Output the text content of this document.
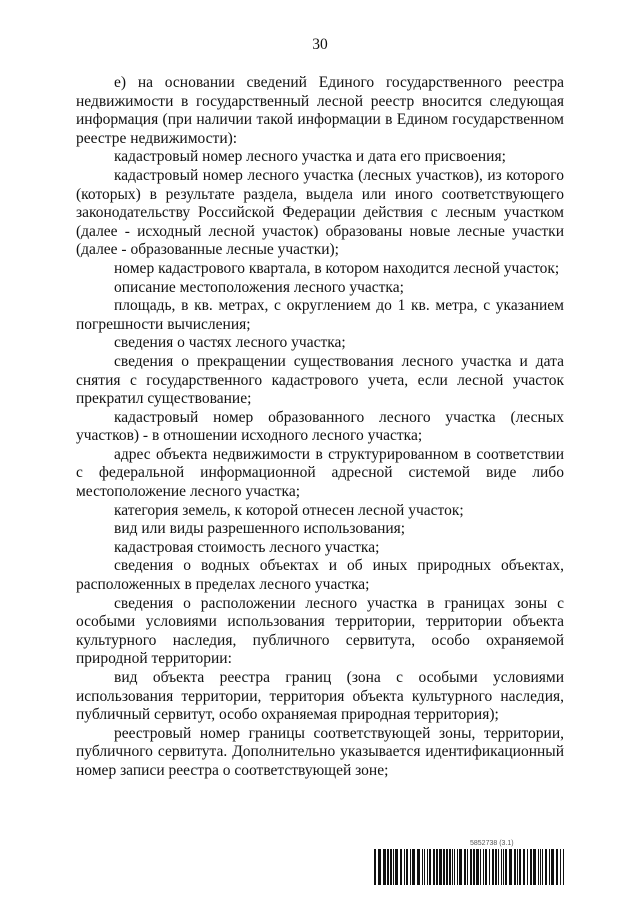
30

е) на основании сведений Единого государственного реестра недвижимости в государственный лесной реестр вносится следующая информация (при наличии такой информации в Едином государственном реестре недвижимости):

кадастровый номер лесного участка и дата его присвоения;

кадастровый номер лесного участка (лесных участков), из которого (которых) в результате раздела, выдела или иного соответствующего законодательству Российской Федерации действия с лесным участком (далее - исходный лесной участок) образованы новые лесные участки (далее - образованные лесные участки);

номер кадастрового квартала, в котором находится лесной участок;

описание местоположения лесного участка;

площадь, в кв. метрах, с округлением до 1 кв. метра, с указанием погрешности вычисления;

сведения о частях лесного участка;

сведения о прекращении существования лесного участка и дата снятия с государственного кадастрового учета, если лесной участок прекратил существование;

кадастровый номер образованного лесного участка (лесных участков) - в отношении исходного лесного участка;

адрес объекта недвижимости в структурированном в соответствии с федеральной информационной адресной системой виде либо местоположение лесного участка;

категория земель, к которой отнесен лесной участок;

вид или виды разрешенного использования;

кадастровая стоимость лесного участка;

сведения о водных объектах и об иных природных объектах, расположенных в пределах лесного участка;

сведения о расположении лесного участка в границах зоны с особыми условиями использования территории, территории объекта культурного наследия, публичного сервитута, особо охраняемой природной территории:

вид объекта реестра границ (зона с особыми условиями использования территории, территория объекта культурного наследия, публичный сервитут, особо охраняемая природная территория);

реестровый номер границы соответствующей зоны, территории, публичного сервитута. Дополнительно указывается идентификационный номер записи реестра о соответствующей зоне;

5852738 (3.1)
